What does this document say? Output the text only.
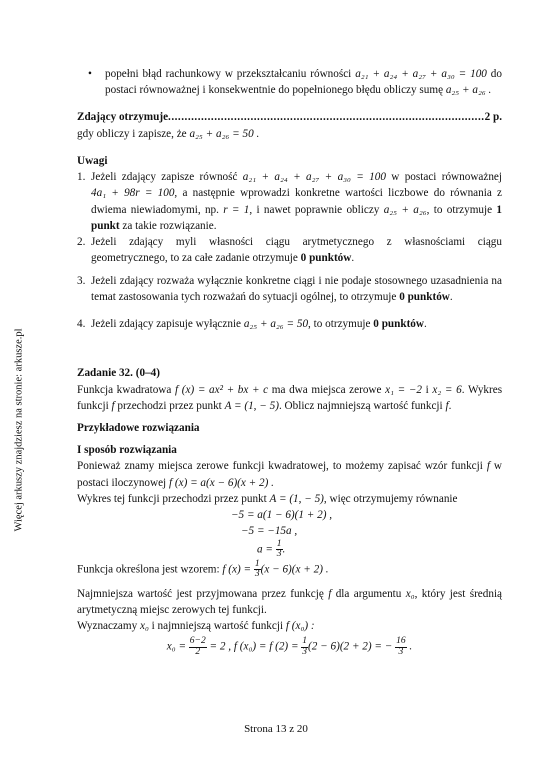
Więcej arkuszy znajdziesz na stronie: arkusze.pl
• popełni błąd rachunkowy w przekształcaniu równości a₂₁ + a₂₄ + a₂₇ + a₃₀ = 100 do postaci równoważnej i konsekwentnie do popełnionego błędu obliczy sumę a₂₅ + a₂₆ .
Zdający otrzymuje
.....	2 p.

gdy obliczy i zapisze, że a₂₅ + a₂₆ = 50 .

Uwagi

1. Jeżeli zdający zapisze równość a₂₁ + a₂₄ + a₂₇ + a₃₀ = 100 w postaci równoważnej 4a₁ + 98r = 100, a następnie wprowadzi konkretne wartości liczbowe do równania z dwiema niewiadomymi, np. r = 1, i nawet poprawnie obliczy a₂₅ + a₂₆, to otrzymuje 1 punkt za takie rozwiązanie.
2. Jeżeli zdający myli własności ciągu arytmetycznego z własnościami ciągu geometrycznego, to za całe zadanie otrzymuje 0 punktów.
3. Jeżeli zdający rozważa wyłącznie konkretne ciągi i nie podaje stosownego uzasadnienia na temat zastosowania tych rozważań do sytuacji ogólnej, to otrzymuje 0 punktów.
4. Jeżeli zdający zapisuje wyłącznie a₂₅ + a₂₆ = 50, to otrzymuje 0 punktów.

Zadanie 32. (0–4)

Funkcja kwadratowa f (x) = ax² + bx + c ma dwa miejsca zerowe x₁ = −2 i x₂ = 6. Wykres funkcji f przechodzi przez punkt A = (1, − 5). Oblicz najmniejszą wartość funkcji f.

Przykładowe rozwiązania

I sposób rozwiązania

Ponieważ znamy miejsca zerowe funkcji kwadratowej, to możemy zapisać wzór funkcji f w postaci iloczynowej f (x) = a(x − 6)(x + 2) .

Wykres tej funkcji przechodzi przez punkt A = (1, − 5), więc otrzymujemy równanie

−5 = a(1 − 6)(1 + 2) ,

−5 = −15a ,

$a = \frac{1}{3}$ .

Funkcja określona jest wzorem: f $(x) = \frac{1}{3} (x - 6)(x + 2)$ .

Najmniejsza wartość jest przyjmowana przez funkcję f dla argumentu x₀, który jest średnią arytmetyczną miejsc zerowych tej funkcji.

Wyznaczamy x₀ i najmniejszą wartość funkcji f (x₀) :

$x_0 = \frac{6-2}{2} = 2$ , f (x₀) = f $(2) = \frac{1}{3} (2 - 6)(2 + 2)$ = − $\frac{16}{3}$ .

Strona 13 z 20
